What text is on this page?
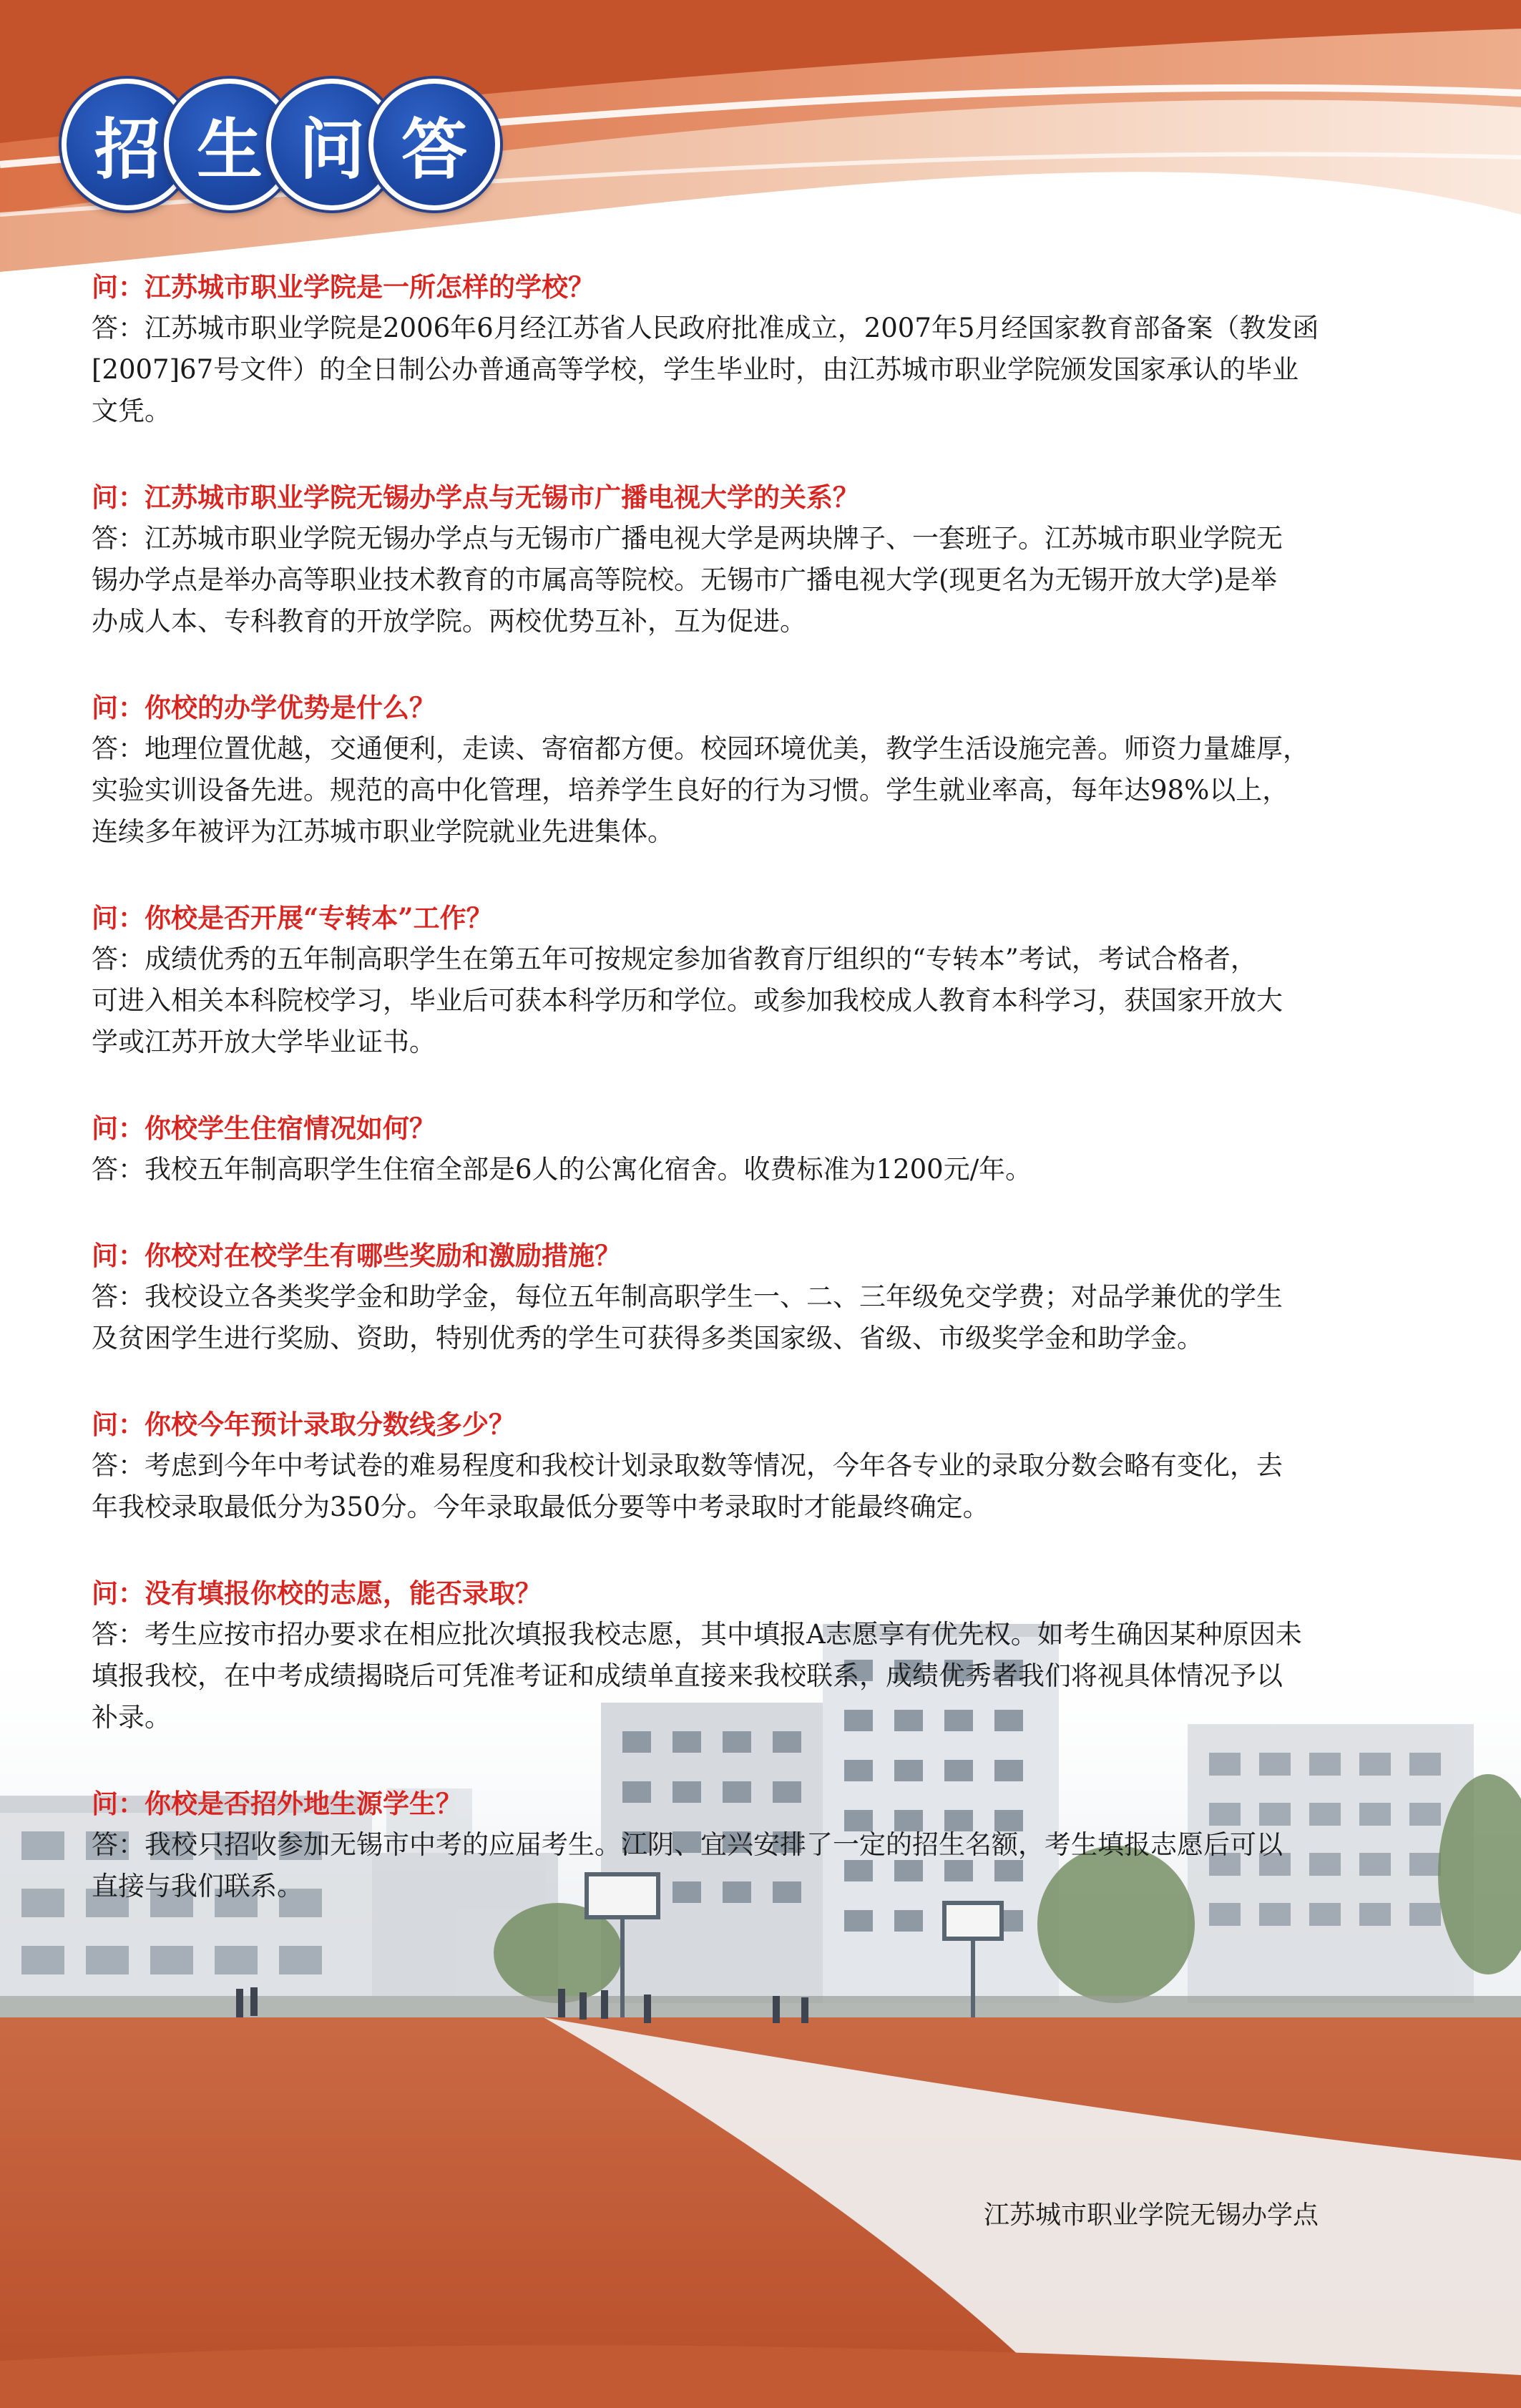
招 生 问 答
江苏城市职业学院无锡办学点

问：江苏城市职业学院是一所怎样的学校？

答：江苏城市职业学院是2006年6月经江苏省人民政府批准成立，2007年5月经国家教育部备案（教发函

[2007]67号文件）的全日制公办普通高等学校，学生毕业时，由江苏城市职业学院颁发国家承认的毕业

文凭。

问：江苏城市职业学院无锡办学点与无锡市广播电视大学的关系？

答：江苏城市职业学院无锡办学点与无锡市广播电视大学是两块牌子、一套班子。江苏城市职业学院无

锡办学点是举办高等职业技术教育的市属高等院校。无锡市广播电视大学(现更名为无锡开放大学)是举

办成人本、专科教育的开放学院。两校优势互补，互为促进。

问：你校的办学优势是什么？

答：地理位置优越，交通便利，走读、寄宿都方便。校园环境优美，教学生活设施完善。师资力量雄厚，

实验实训设备先进。规范的高中化管理，培养学生良好的行为习惯。学生就业率高，每年达98%以上，

连续多年被评为江苏城市职业学院就业先进集体。

问：你校是否开展“专转本”工作？

答：成绩优秀的五年制高职学生在第五年可按规定参加省教育厅组织的“专转本”考试，考试合格者，

可进入相关本科院校学习，毕业后可获本科学历和学位。或参加我校成人教育本科学习，获国家开放大

学或江苏开放大学毕业证书。

问：你校学生住宿情况如何？

答：我校五年制高职学生住宿全部是6人的公寓化宿舍。收费标准为1200元/年。

问：你校对在校学生有哪些奖励和激励措施？

答：我校设立各类奖学金和助学金，每位五年制高职学生一、二、三年级免交学费；对品学兼优的学生

及贫困学生进行奖励、资助，特别优秀的学生可获得多类国家级、省级、市级奖学金和助学金。

问：你校今年预计录取分数线多少？

答：考虑到今年中考试卷的难易程度和我校计划录取数等情况，今年各专业的录取分数会略有变化，去

年我校录取最低分为350分。今年录取最低分要等中考录取时才能最终确定。

问：没有填报你校的志愿，能否录取？

答：考生应按市招办要求在相应批次填报我校志愿，其中填报A志愿享有优先权。如考生确因某种原因未

填报我校，在中考成绩揭晓后可凭准考证和成绩单直接来我校联系，成绩优秀者我们将视具体情况予以

补录。

问：你校是否招外地生源学生？

答：我校只招收参加无锡市中考的应届考生。江阴、宜兴安排了一定的招生名额，考生填报志愿后可以

直接与我们联系。
